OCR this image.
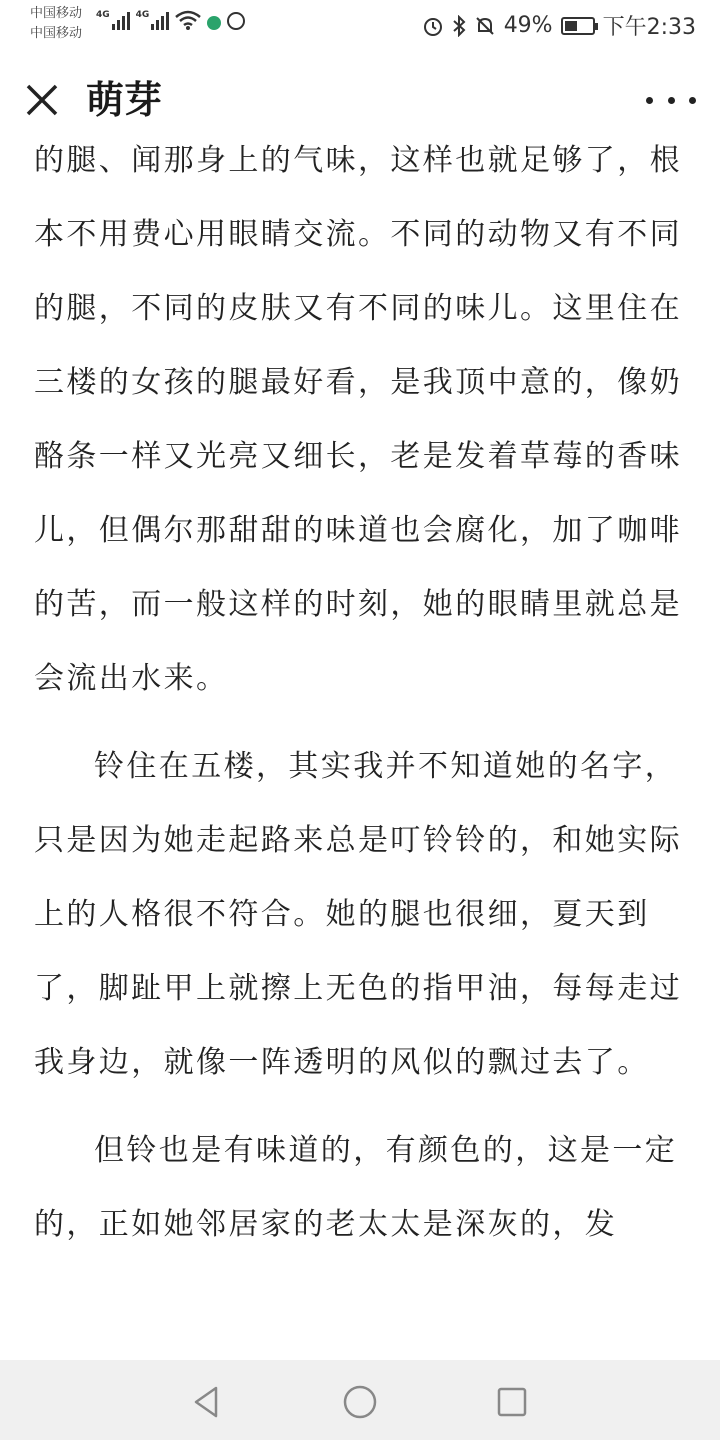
中国移动
中国移动
4G	4G	49% 下午2:33
萌芽

的腿、闻那身上的气味，这样也就足够了，根本不用费心用眼睛交流。不同的动物又有不同的腿，不同的皮肤又有不同的味儿。这里住在三楼的女孩的腿最好看，是我顶中意的，像奶酪条一样又光亮又细长，老是发着草莓的香味儿，但偶尔那甜甜的味道也会腐化，加了咖啡的苦，而一般这样的时刻，她的眼睛里就总是会流出水来。

铃住在五楼，其实我并不知道她的名字，只是因为她走起路来总是叮铃铃的，和她实际上的人格很不符合。她的腿也很细，夏天到了，脚趾甲上就擦上无色的指甲油，每每走过我身边，就像一阵透明的风似的飘过去了。

但铃也是有味道的，有颜色的，这是一定的，正如她邻居家的老太太是深灰的，发
